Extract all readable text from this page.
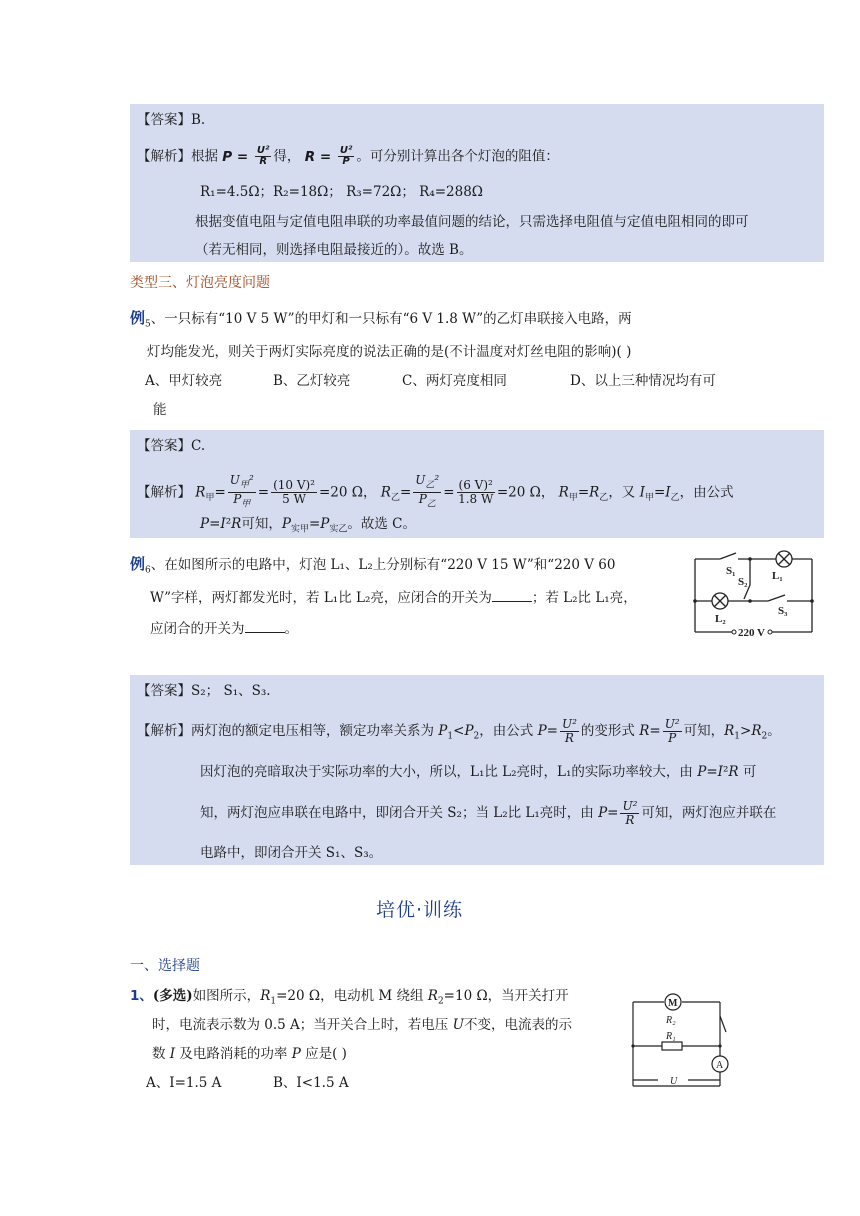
【答案】B.
【解析】根据 $P = \frac{\text{U²}}{R}$ 得， $R = \frac{\text{U²}}{P}$ 。可分别计算出各个灯泡的阻值：
R₁=4.5Ω；R₂=18Ω； R₃=72Ω； R₄=288Ω
根据变值电阻与定值电阻串联的功率最值问题的结论，只需选择电阻值与定值电阻相同的即可
（若无相同，则选择电阻最接近的）。故选 B。
类型三、灯泡亮度问题
例$_5$、一只标有“10 V 5 W”的甲灯和一只标有“6 V 1.8 W”的乙灯串联接入电路，两
灯均能发光，则关于两灯实际亮度的说法正确的是(不计温度对灯丝电阻的影响)( )
A、甲灯较亮	B、乙灯较亮	C、两灯亮度相同	D、以上三种情况均有可
能
【答案】C.
【解析】 $R_甲= \frac{U_甲^2}{P_甲} = \frac{\text{(10 V)²}}{5 W} =20$ Ω， $R_乙= \frac{U_乙^2}{P_乙} = \frac{\text{(6 V)²}}{1.8 W} =20$ Ω， $R_甲=R_乙$，又 $I_甲=I_乙$，由公式
P=I²R可知，$P_{实甲}=P_{实乙}$。故选 C。
例$_6$、在如图所示的电路中，灯泡 L₁、L₂上分别标有“220 V 15 W”和“220 V 60
W”字样，两灯都发光时，若 L₁比 L₂亮，应闭合的开关为	；若 L₂比 L₁亮，
应闭合的开关为	。
S₁
S₂ L₁
L₂
S₃
220 V
【答案】S₂； S₁、S₃.
【解析】两灯泡的额定电压相等，额定功率关系为 $P_1<P_2$，由公式 $P= \frac{\text{U²}}{R}$ 的变形式 $R= \frac{\text{U²}}{P}$ 可知，$R_1>R_2$。
因灯泡的亮暗取决于实际功率的大小，所以，L₁比 L₂亮时，L₁的实际功率较大，由 P=I²R 可
知，两灯泡应串联在电路中，即闭合开关 S₂；当 L₂比 L₁亮时，由 $P= \frac{\text{U²}}{R}$ 可知，两灯泡应并联在
电路中，即闭合开关 S₁、S₃。
培优·训练
一、选择题
1、(多选)如图所示，$R_1=20$ Ω，电动机 M 绕组 $R_2=10$ Ω，当开关打开
时，电流表示数为 0.5 A；当开关合上时，若电压 U不变，电流表的示
数 I 及电路消耗的功率 P 应是( )
A、I=1.5 A	B、I<1.5 A
M
R₂
R₁
A
U
